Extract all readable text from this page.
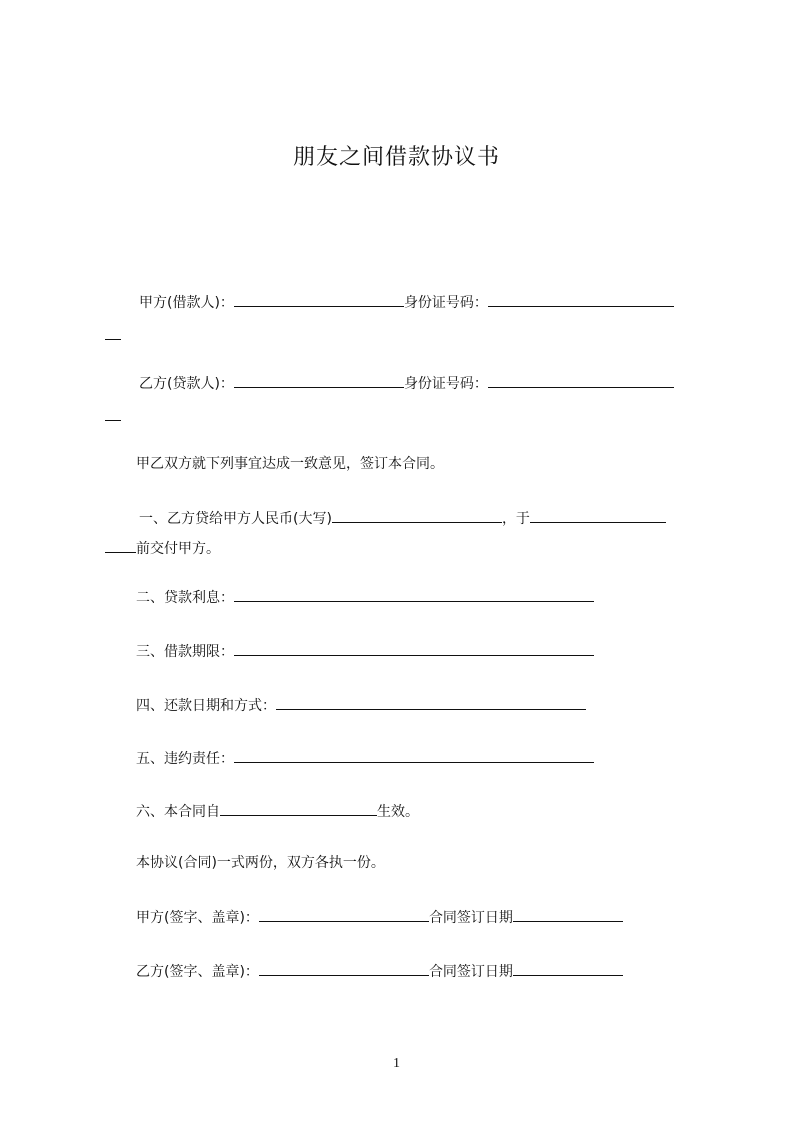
朋友之间借款协议书
甲方(借款人)：	身份证号码：
乙方(贷款人)：	身份证号码：
甲乙双方就下列事宜达成一致意见，签订本合同。
一、乙方贷给甲方人民币(大写)	，于
前交付甲方。
二、贷款利息：
三、借款期限：
四、还款日期和方式：
五、违约责任：
六、本合同自	生效。
本协议(合同)一式两份，双方各执一份。
甲方(签字、盖章)：	合同签订日期
乙方(签字、盖章)：	合同签订日期
1
